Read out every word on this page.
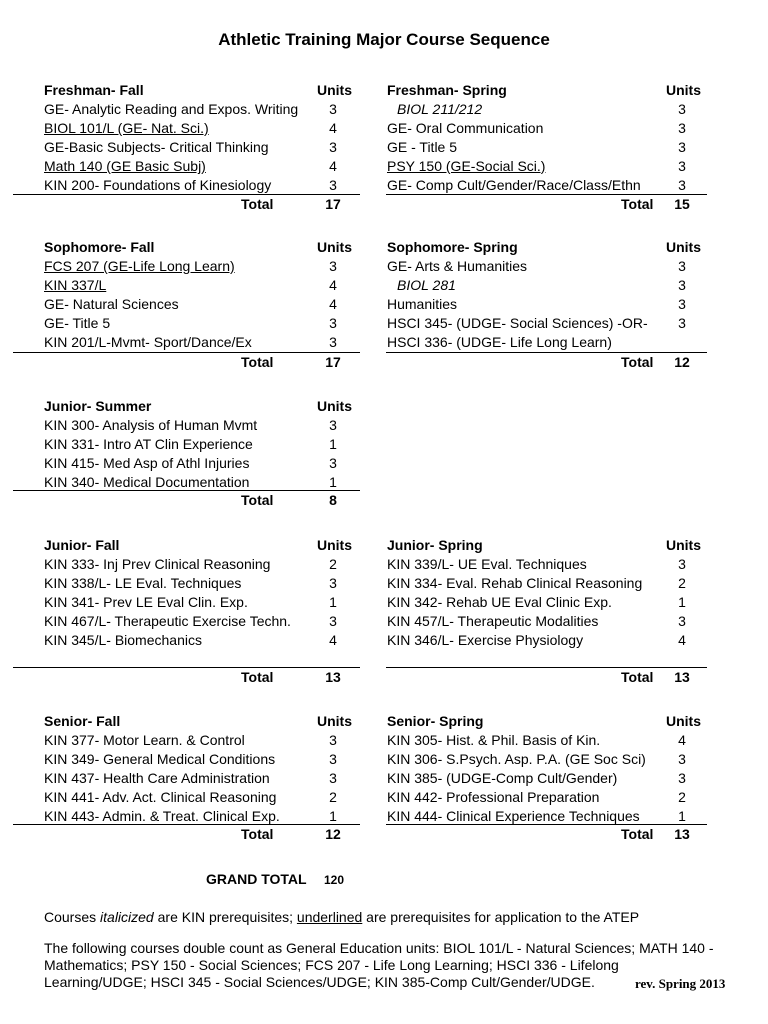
Athletic Training Major Course Sequence
Freshman- Fall	Units
GE- Analytic Reading and Expos. Writing	3
BIOL 101/L (GE- Nat. Sci.)	4
GE-Basic Subjects- Critical Thinking	3
Math 140 (GE Basic Subj)	4
KIN 200- Foundations of Kinesiology	3
Total	17
Freshman- Spring	Units
BIOL 211/212	3
GE- Oral Communication	3
GE - Title 5	3
PSY 150 (GE-Social Sci.)	3
GE- Comp Cult/Gender/Race/Class/Ethn	3
Total	15
Sophomore- Fall	Units
FCS 207 (GE-Life Long Learn)	3
KIN 337/L	4
GE- Natural Sciences	4
GE- Title 5	3
KIN 201/L-Mvmt- Sport/Dance/Ex	3
Total	17
Sophomore- Spring	Units
GE- Arts & Humanities	3
BIOL 281	3
Humanities	3
HSCI 345- (UDGE- Social Sciences) -OR-	3
HSCI 336- (UDGE- Life Long Learn)
Total	12
Junior- Summer	Units
KIN 300- Analysis of Human Mvmt	3
KIN 331- Intro AT Clin Experience	1
KIN 415- Med Asp of Athl Injuries	3
KIN 340- Medical Documentation	1
Total	8
Junior- Fall	Units
KIN 333- Inj Prev Clinical Reasoning	2
KIN 338/L- LE Eval. Techniques	3
KIN 341- Prev LE Eval Clin. Exp.	1
KIN 467/L- Therapeutic Exercise Techn.	3
KIN 345/L- Biomechanics	4
Total	13
Junior- Spring	Units
KIN 339/L- UE Eval. Techniques	3
KIN 334- Eval. Rehab Clinical Reasoning	2
KIN 342- Rehab UE Eval Clinic Exp.	1
KIN 457/L- Therapeutic Modalities	3
KIN 346/L- Exercise Physiology	4
Total	13
Senior- Fall	Units
KIN 377- Motor Learn. & Control	3
KIN 349- General Medical Conditions	3
KIN 437- Health Care Administration	3
KIN 441- Adv. Act. Clinical Reasoning	2
KIN 443- Admin. & Treat. Clinical Exp.	1
Total	12
Senior- Spring	Units
KIN 305- Hist. & Phil. Basis of Kin.	4
KIN 306- S.Psych. Asp. P.A. (GE Soc Sci)	3
KIN 385- (UDGE-Comp Cult/Gender)	3
KIN 442- Professional Preparation	2
KIN 444- Clinical Experience Techniques	1
Total	13
GRAND TOTAL 120
Courses italicized are KIN prerequisites; underlined are prerequisites for application to the ATEP
The following courses double count as General Education units: BIOL 101/L - Natural Sciences; MATH 140 - Mathematics; PSY 150 - Social Sciences; FCS 207 - Life Long Learning; HSCI 336 - Lifelong Learning/UDGE; HSCI 345 - Social Sciences/UDGE; KIN 385-Comp Cult/Gender/UDGE.	rev. Spring 2013
